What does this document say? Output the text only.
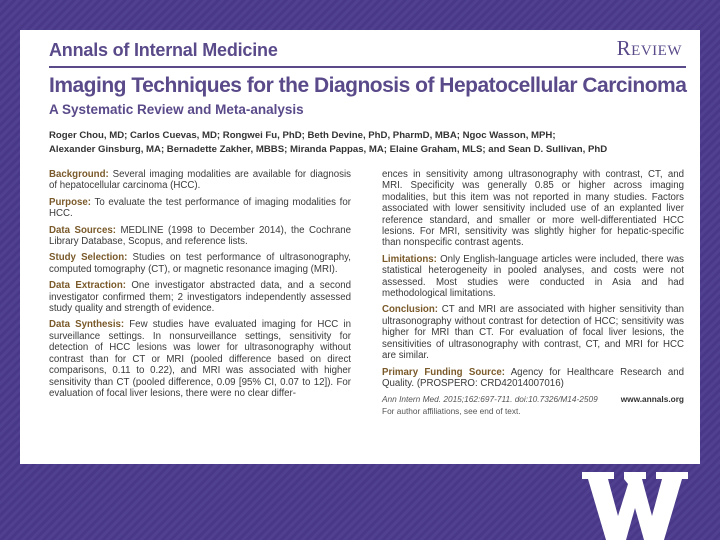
Annals of Internal Medicine	Review
Imaging Techniques for the Diagnosis of Hepatocellular Carcinoma
A Systematic Review and Meta-analysis
Roger Chou, MD; Carlos Cuevas, MD; Rongwei Fu, PhD; Beth Devine, PhD, PharmD, MBA; Ngoc Wasson, MPH;
Alexander Ginsburg, MA; Bernadette Zakher, MBBS; Miranda Pappas, MA; Elaine Graham, MLS; and Sean D. Sullivan, PhD
Background: Several imaging modalities are available for diagnosis of hepatocellular carcinoma (HCC).
Purpose: To evaluate the test performance of imaging modalities for HCC.
Data Sources: MEDLINE (1998 to December 2014), the Cochrane Library Database, Scopus, and reference lists.
Study Selection: Studies on test performance of ultrasonography, computed tomography (CT), or magnetic resonance imaging (MRI).
Data Extraction: One investigator abstracted data, and a second investigator confirmed them; 2 investigators independently assessed study quality and strength of evidence.
Data Synthesis: Few studies have evaluated imaging for HCC in surveillance settings. In nonsurveillance settings, sensitivity for detection of HCC lesions was lower for ultrasonography without contrast than for CT or MRI (pooled difference based on direct comparisons, 0.11 to 0.22), and MRI was associated with higher sensitivity than CT (pooled difference, 0.09 [95% CI, 0.07 to 12]). For evaluation of focal liver lesions, there were no clear differ-
ences in sensitivity among ultrasonography with contrast, CT, and MRI. Specificity was generally 0.85 or higher across imaging modalities, but this item was not reported in many studies. Factors associated with lower sensitivity included use of an explanted liver reference standard, and smaller or more well-differentiated HCC lesions. For MRI, sensitivity was slightly higher for hepatic-specific than nonspecific contrast agents.
Limitations: Only English-language articles were included, there was statistical heterogeneity in pooled analyses, and costs were not assessed. Most studies were conducted in Asia and had methodological limitations.
Conclusion: CT and MRI are associated with higher sensitivity than ultrasonography without contrast for detection of HCC; sensitivity was higher for MRI than CT. For evaluation of focal liver lesions, the sensitivities of ultrasonography with contrast, CT, and MRI for HCC are similar.
Primary Funding Source: Agency for Healthcare Research and Quality. (PROSPERO: CRD42014007016)
Ann Intern Med. 2015;162:697-711. doi:10.7326/M14-2509	www.annals.org
For author affiliations, see end of text.
